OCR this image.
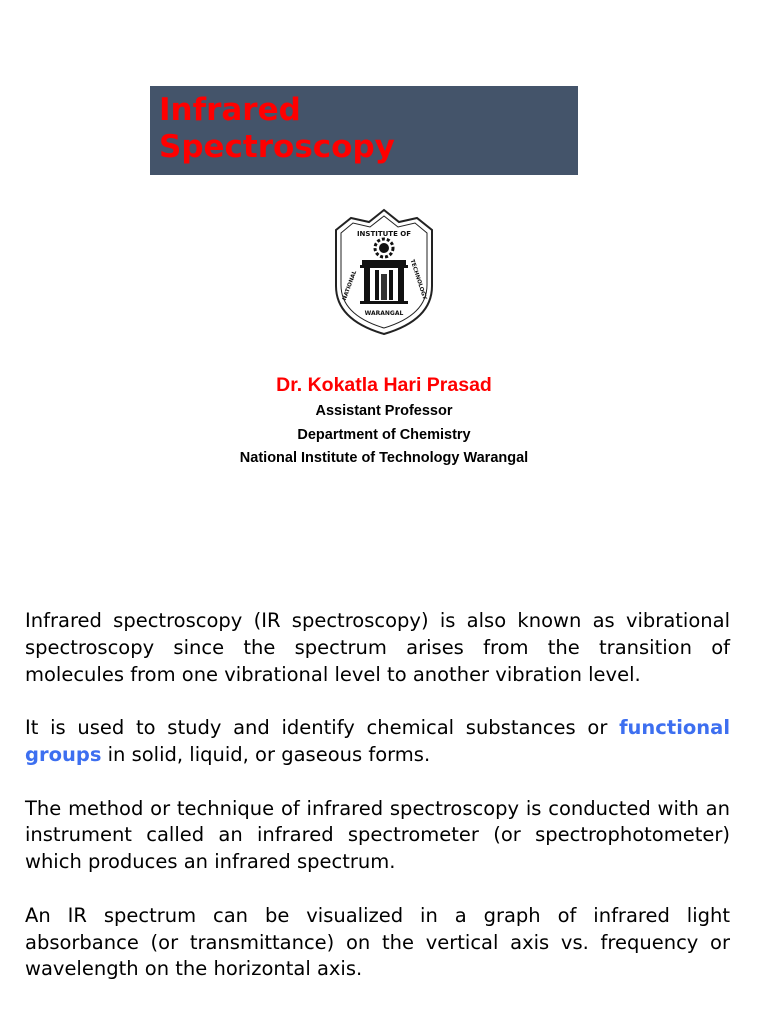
Infrared
Spectroscopy
INSTITUTE OF
NATIONAL	TECHNOLOGY
WARANGAL
Dr. Kokatla Hari Prasad
Assistant Professor
Department of Chemistry
National Institute of Technology Warangal

Infrared spectroscopy (IR spectroscopy) is also known as vibrational spectroscopy since the spectrum arises from the transition of molecules from one vibrational level to another vibration level.

It is used to study and identify chemical substances or functional groups in solid, liquid, or gaseous forms.

The method or technique of infrared spectroscopy is conducted with an instrument called an infrared spectrometer (or spectrophotometer) which produces an infrared spectrum.

An IR spectrum can be visualized in a graph of infrared light absorbance (or transmittance) on the vertical axis vs. frequency or wavelength on the horizontal axis.
